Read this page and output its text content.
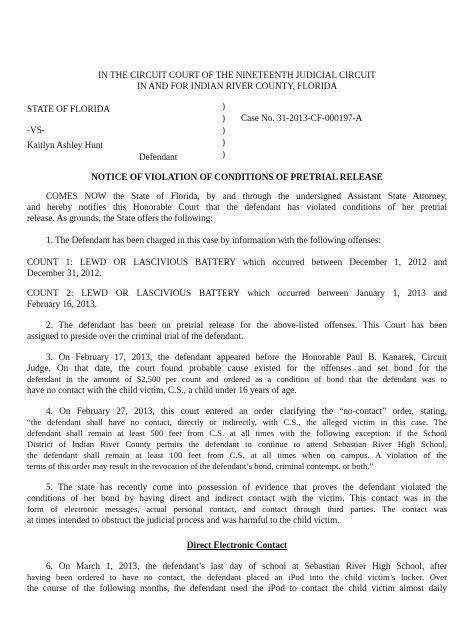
IN THE CIRCUIT COURT OF THE NINETEENTH JUDICIAL CIRCUIT
IN AND FOR INDIAN RIVER COUNTY, FLORIDA
STATE OF FLORIDA
-VS-
Kaitlyn Ashley Hunt
Defendant
)
)
)
)
)
Case No. 31-2013-CF-000197-A
NOTICE OF VIOLATION OF CONDITIONS OF PRETRIAL RELEASE
COMES NOW the State of Florida, by and through the undersigned Assistant State Attorney,
and hereby notifies this Honorable Court that the defendant has violated conditions of her pretrial
release. As grounds, the State offers the following:
1. The Defendant has been charged in this case by information with the following offenses:
COUNT 1: LEWD OR LASCIVIOUS BATTERY which occurred between December 1, 2012 and
December 31, 2012.
COUNT 2: LEWD OR LASCIVIOUS BATTERY which occurred between January 1, 2013 and
February 16, 2013.
2. The defendant has been on pretrial release for the above-listed offenses. This Court has been
assigned to preside over the criminal trial of the defendant.
3. On February 17, 2013, the defendant appeared before the Honorable Paul B. Kanarek, Circuit
Judge. On that date, the court found probable cause existed for the offenses and set bond for the
defendant in the amount of $2,500 per count and ordered as a condition of bond that the defendant was to
have no contact with the child victim, C.S., a child under 16 years of age.
4. On February 27, 2013, this court entered an order clarifying the “no-contact” order, stating,
“the defendant shall have no contact, directly or indirectly, with C.S., the alleged victim in this case. The
defendant shall remain at least 500 feet from C.S. at all times with the following exception: if the School
District of Indian River County permits the defendant to continue to attend Sebastian River High School,
the defendant shall remain at least 100 feet from C.S. at all times when on campus. A violation of the
terms of this order may result in the revocation of the defendant’s bond, criminal contempt, or both.”
5. The state has recently come into possession of evidence that proves the defendant violated the
conditions of her bond by having direct and indirect contact with the victim. This contact was in the
form of electronic messages, actual personal contact, and contact through third parties. The contact was
at times intended to obstruct the judicial process and was harmful to the child victim.
Direct Electronic Contact
6. On March 1, 2013, the defendant’s last day of school at Sebastian River High School, after
having been ordered to have no contact, the defendant placed an iPod into the child victim’s locker. Over
the course of the following months, the defendant used the iPod to contact the child victim almost daily
